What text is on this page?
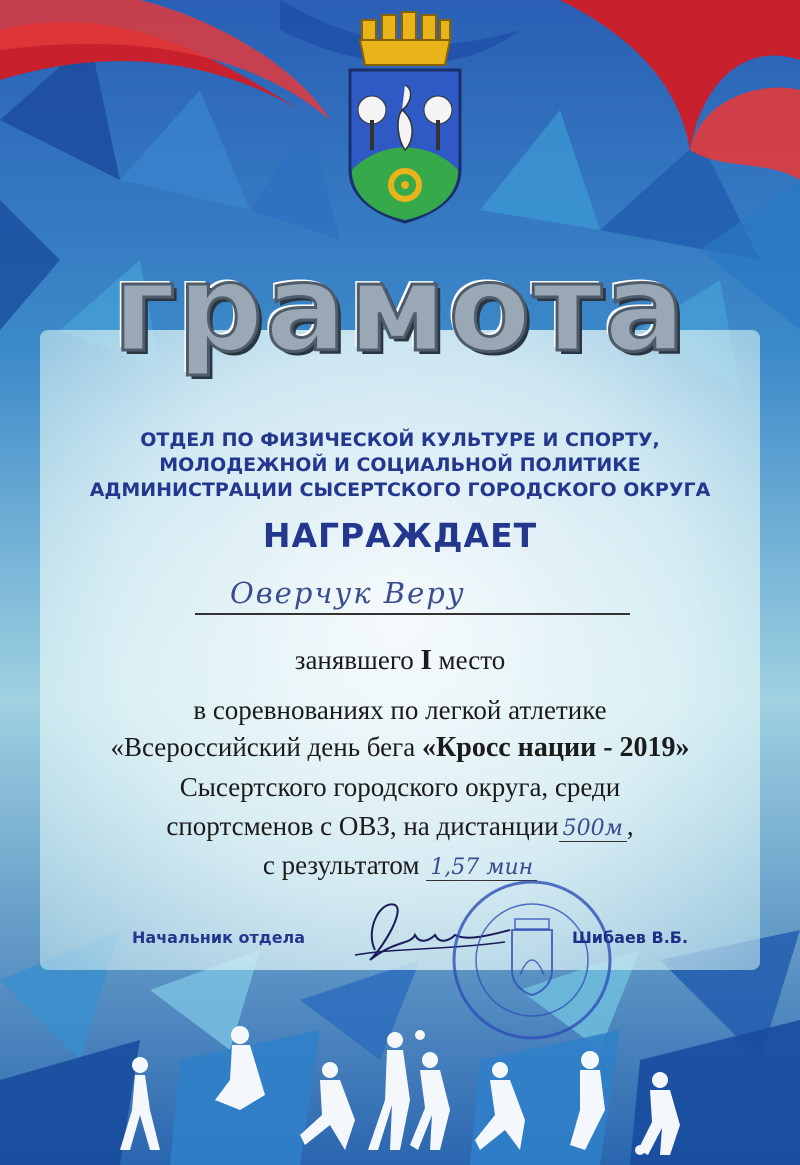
грамота
ОТДЕЛ ПО ФИЗИЧЕСКОЙ КУЛЬТУРЕ И СПОРТУ,
МОЛОДЕЖНОЙ И СОЦИАЛЬНОЙ ПОЛИТИКЕ
АДМИНИСТРАЦИИ СЫСЕРТСКОГО ГОРОДСКОГО ОКРУГА
НАГРАЖДАЕТ
Оверчук Веру
занявшего I место
в соревнованиях по легкой атлетике
«Всероссийский день бега «Кросс нации - 2019»
Сысертского городского округа, среди
спортсменов с ОВЗ, на дистанции 500м ,
с результатом 1,57 мин
Начальник отдела	Шибаев В.Б.
